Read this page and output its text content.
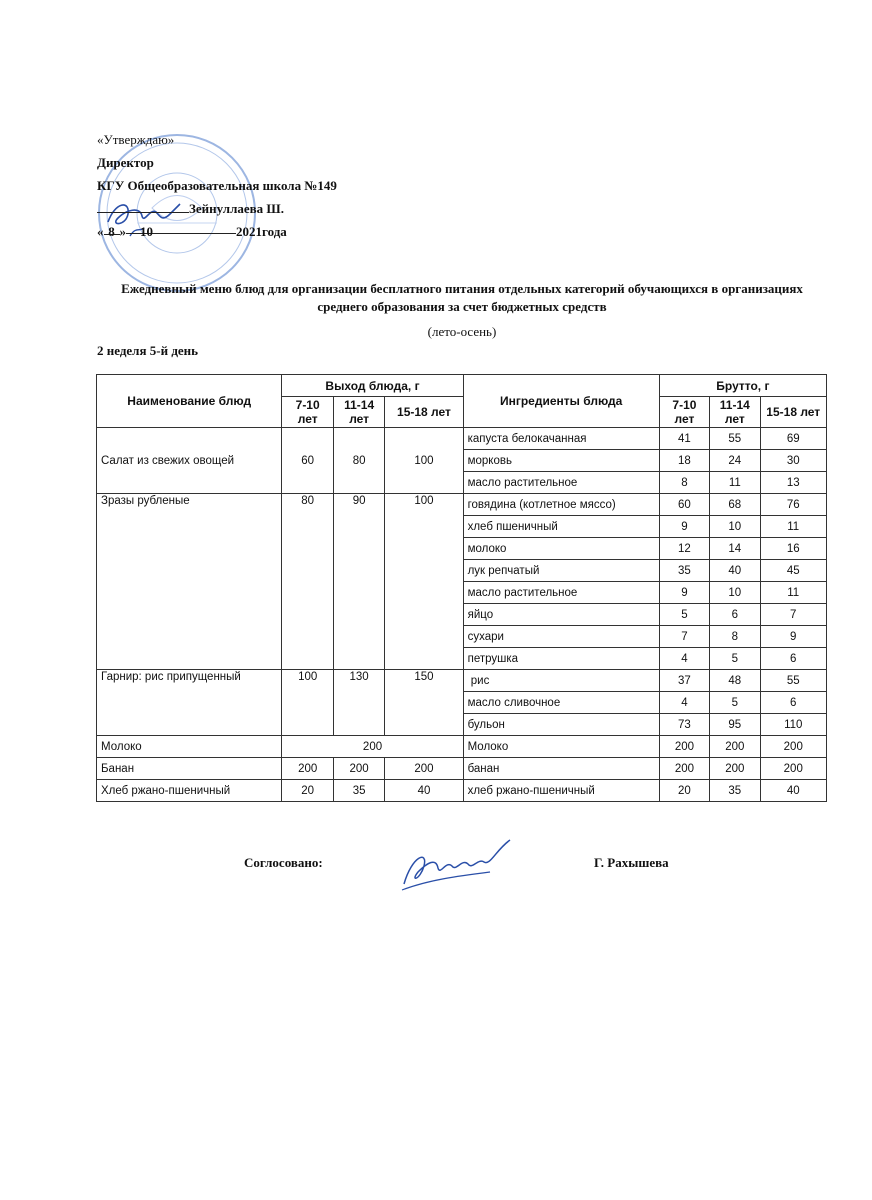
«Утверждаю»
Директор
КГУ Общеобразовательная школа №149
Зейнуллаева Ш.
« 8 » 10	2021года
Ежедневный меню блюд для организации бесплатного питания отдельных категорий обучающихся в организациях среднего образования за счет бюджетных средств
(лето-осень)
2 неделя 5-й день
Наименование блюд	Выход блюда, г			Ингредиенты блюда	Брутто, г		
	7-10 лет	11-14 лет	15-18 лет		7-10 лет	11-14 лет	15-18 лет
Салат из свежих овощей	60	80	100	капуста белокачанная	41	55	69
				морковь	18	24	30
				масло растительное	8	11	13
Зразы рубленые	80	90	100	говядина (котлетное мяссо)	60	68	76
				хлеб пшеничный	9	10	11
				молоко	12	14	16
				лук репчатый	35	40	45
				масло растительное	9	10	11
				яйцо	5	6	7
				сухари	7	8	9
				петрушка	4	5	6
Гарнир: рис припущенный	100	130	150	рис	37	48	55
				масло сливочное	4	5	6
				бульон	73	95	110
Молоко	200			Молоко	200	200	200
Банан	200	200	200	банан	200	200	200
Хлеб ржано-пшеничный	20	35	40	хлеб ржано-пшеничный	20	35	40
Соглосовано:	Г. Рахышева
